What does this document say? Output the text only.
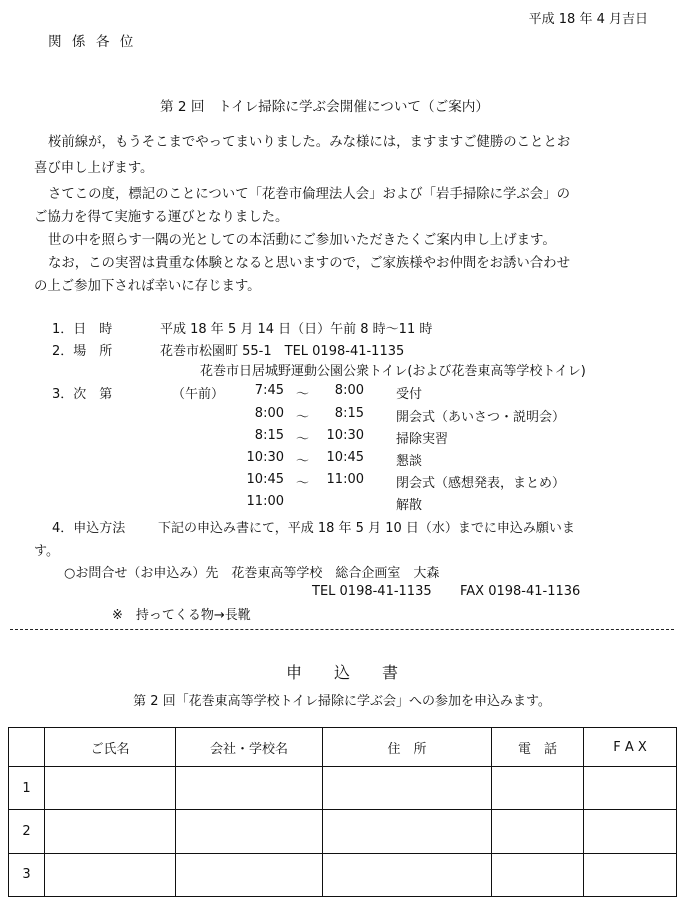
平成 18 年 4 月吉日
関 係 各 位
第 2 回　トイレ掃除に学ぶ会開催について（ご案内）
桜前線が，もうそこまでやってまいりました。みな様には，ますますご健勝のこととお
喜び申し上げます。
さてこの度，標記のことについて「花巻市倫理法人会」および「岩手掃除に学ぶ会」の
ご協力を得て実施する運びとなりました。
世の中を照らす一隅の光としての本活動にご参加いただきたくご案内申し上げます。
なお，この実習は貴重な体験となると思いますので，ご家族様やお仲間をお誘い合わせ
の上ご参加下されば幸いに存じます。
1．日　時	平成 18 年 5 月 14 日（日）午前 8 時～11 時
2．場　所	花巻市松園町 55-1　TEL 0198-41-1135
花巻市日居城野運動公園公衆トイレ(および花巻東高等学校トイレ)
3．次　第	（午前）	7:45 ～	8:00 受付
8:00 ～	8:15 開会式（あいさつ・説明会）
8:15 ～	10:30 掃除実習
10:30 ～	10:45 懇談
10:45 ～	11:00 閉会式（感想発表，まとめ）
11:00	解散
4．申込方法	下記の申込み書にて，平成 18 年 5 月 10 日（水）までに申込み願いま
す。
○お問合せ（お申込み）先　花巻東高等学校　総合企画室　大森
TEL 0198-41-1135 FAX 0198-41-1136
※　持ってくる物→長靴
申　　込　　書
第 2 回「花巻東高等学校トイレ掃除に学ぶ会」への参加を申込みます。
	ご氏名	会社・学校名	住　所	電　話	F A X
1					
2					
3					
